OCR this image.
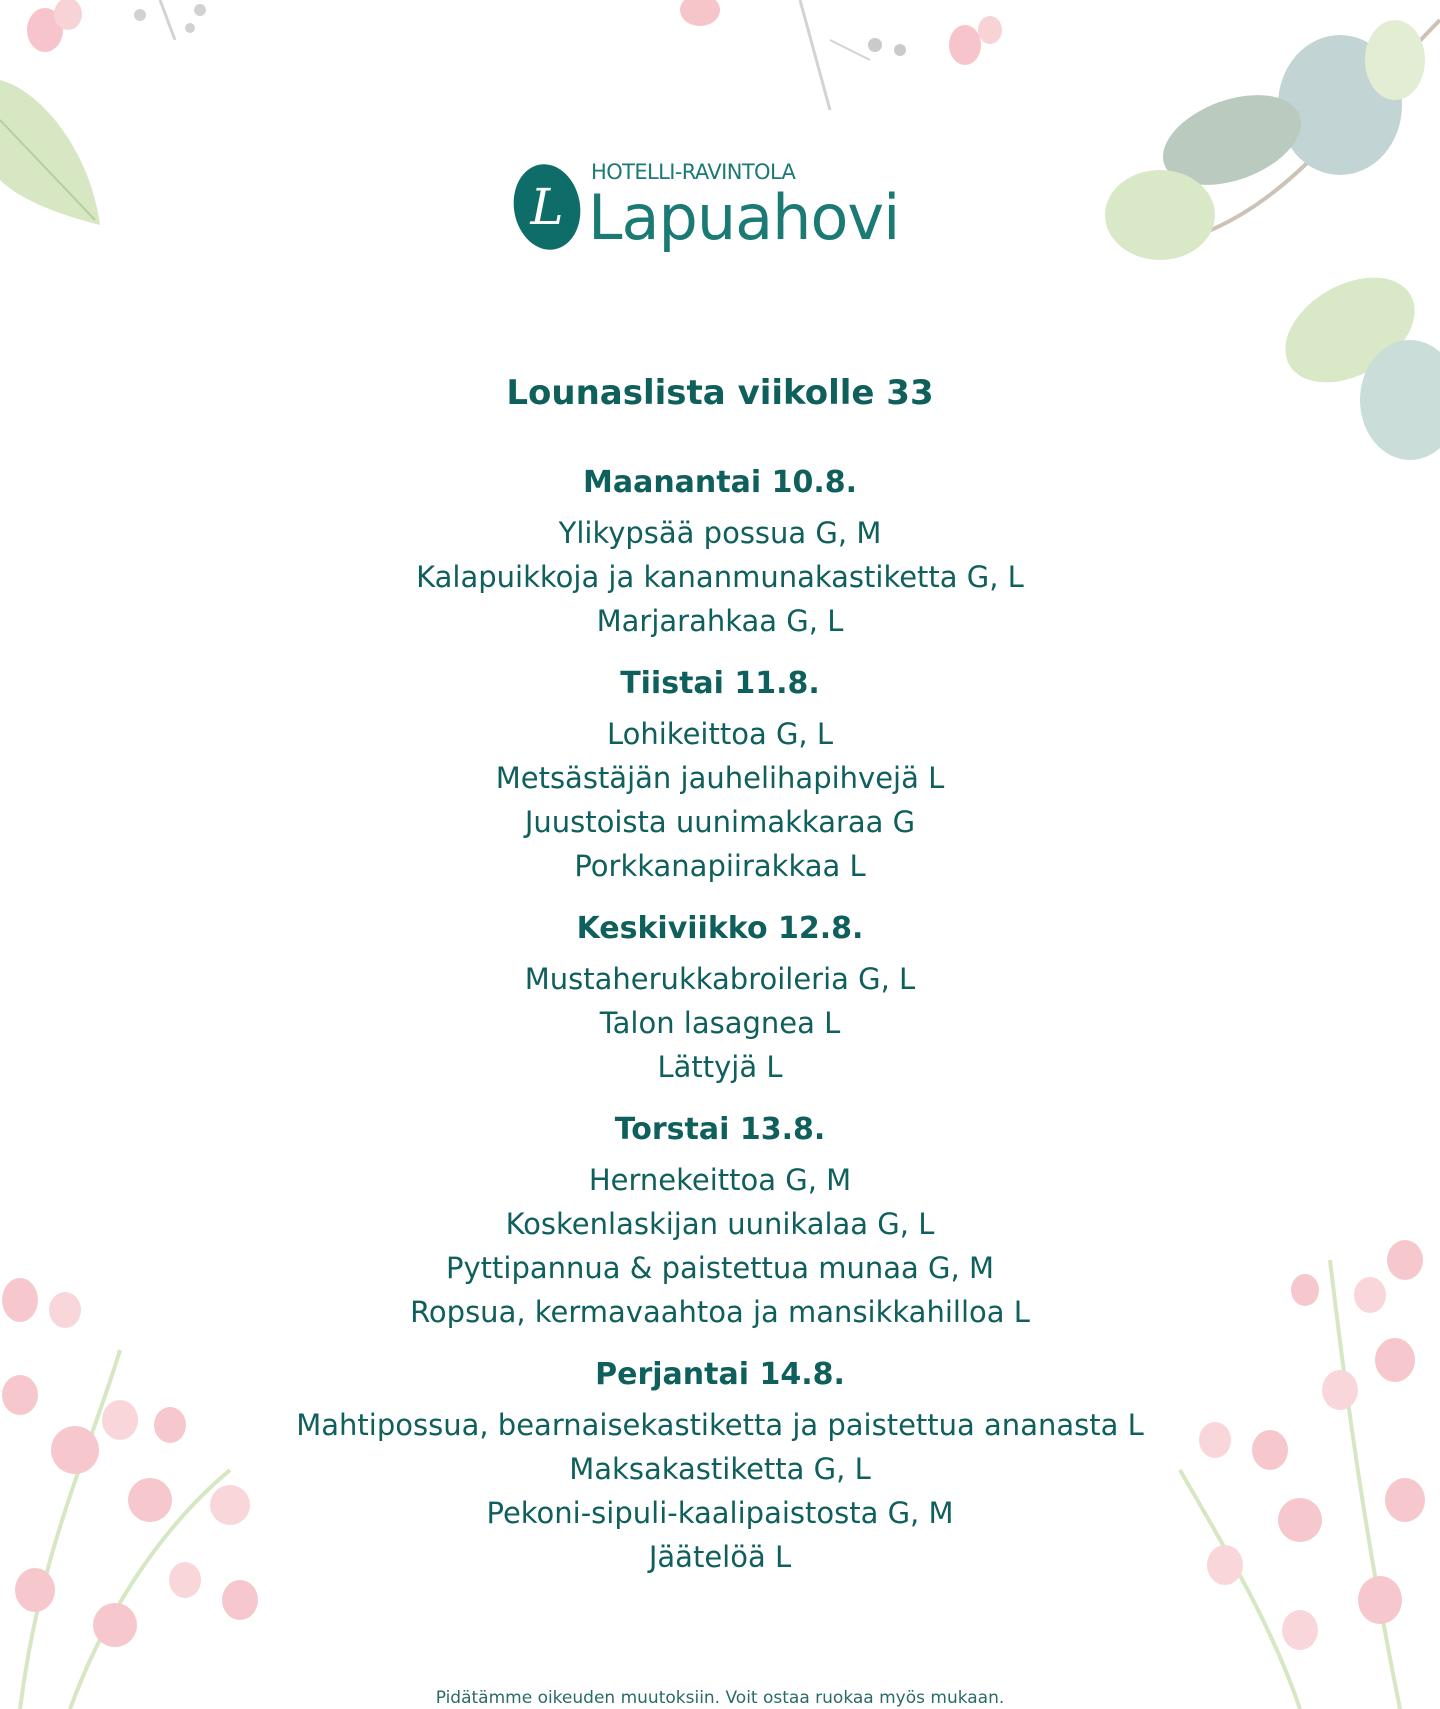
L
HOTELLI-RAVINTOLA
Lapuahovi
Lounaslista viikolle 33
Maanantai 10.8.
Ylikypsää possua G, M
Kalapuikkoja ja kananmunakastiketta G, L
Marjarahkaa G, L
Tiistai 11.8.
Lohikeittoa G, L
Metsästäjän jauhelihapihvejä L
Juustoista uunimakkaraa G
Porkkanapiirakkaa L
Keskiviikko 12.8.
Mustaherukkabroileria G, L
Talon lasagnea L
Lättyjä L
Torstai 13.8.
Hernekeittoa G, M
Koskenlaskijan uunikalaa G, L
Pyttipannua & paistettua munaa G, M
Ropsua, kermavaahtoa ja mansikkahilloa L
Perjantai 14.8.
Mahtipossua, bearnaisekastiketta ja paistettua ananasta L
Maksakastiketta G, L
Pekoni-sipuli-kaalipaistosta G, M
Jäätelöä L
Pidätämme oikeuden muutoksiin. Voit ostaa ruokaa myös mukaan.
